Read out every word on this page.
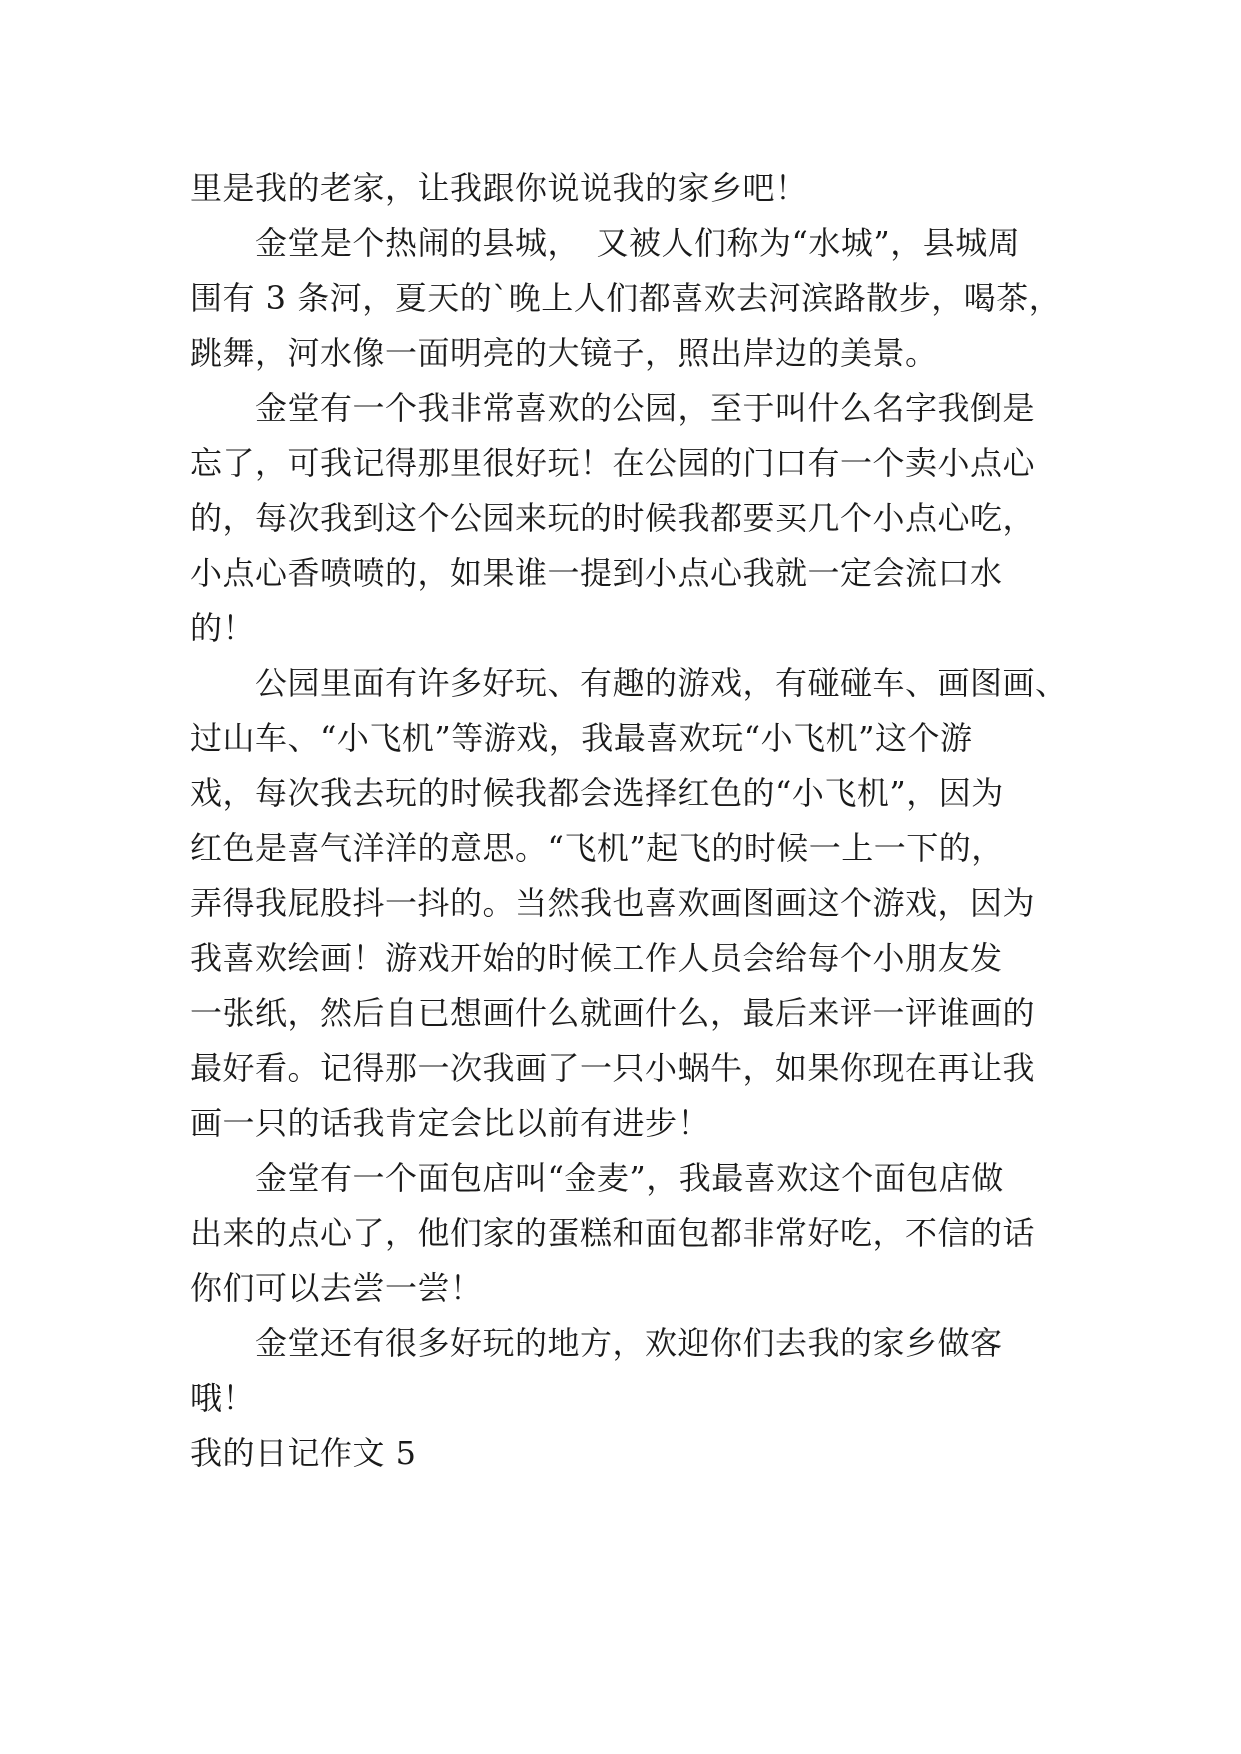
里是我的老家，让我跟你说说我的家乡吧！
　　金堂是个热闹的县城，　又被人们称为“水城”，县城周
围有 3 条河，夏天的`晚上人们都喜欢去河滨路散步，喝茶，
跳舞，河水像一面明亮的大镜子，照出岸边的美景。
　　金堂有一个我非常喜欢的公园，至于叫什么名字我倒是
忘了，可我记得那里很好玩！在公园的门口有一个卖小点心
的，每次我到这个公园来玩的时候我都要买几个小点心吃，
小点心香喷喷的，如果谁一提到小点心我就一定会流口水
的！
　　公园里面有许多好玩、有趣的游戏，有碰碰车、画图画、
过山车、“小飞机”等游戏，我最喜欢玩“小飞机”这个游
戏，每次我去玩的时候我都会选择红色的“小飞机”，因为
红色是喜气洋洋的意思。“飞机”起飞的时候一上一下的，
弄得我屁股抖一抖的。当然我也喜欢画图画这个游戏，因为
我喜欢绘画！游戏开始的时候工作人员会给每个小朋友发
一张纸，然后自已想画什么就画什么，最后来评一评谁画的
最好看。记得那一次我画了一只小蜗牛，如果你现在再让我
画一只的话我肯定会比以前有进步！
　　金堂有一个面包店叫“金麦”，我最喜欢这个面包店做
出来的点心了，他们家的蛋糕和面包都非常好吃，不信的话
你们可以去尝一尝！
　　金堂还有很多好玩的地方，欢迎你们去我的家乡做客
哦！
我的日记作文 5
